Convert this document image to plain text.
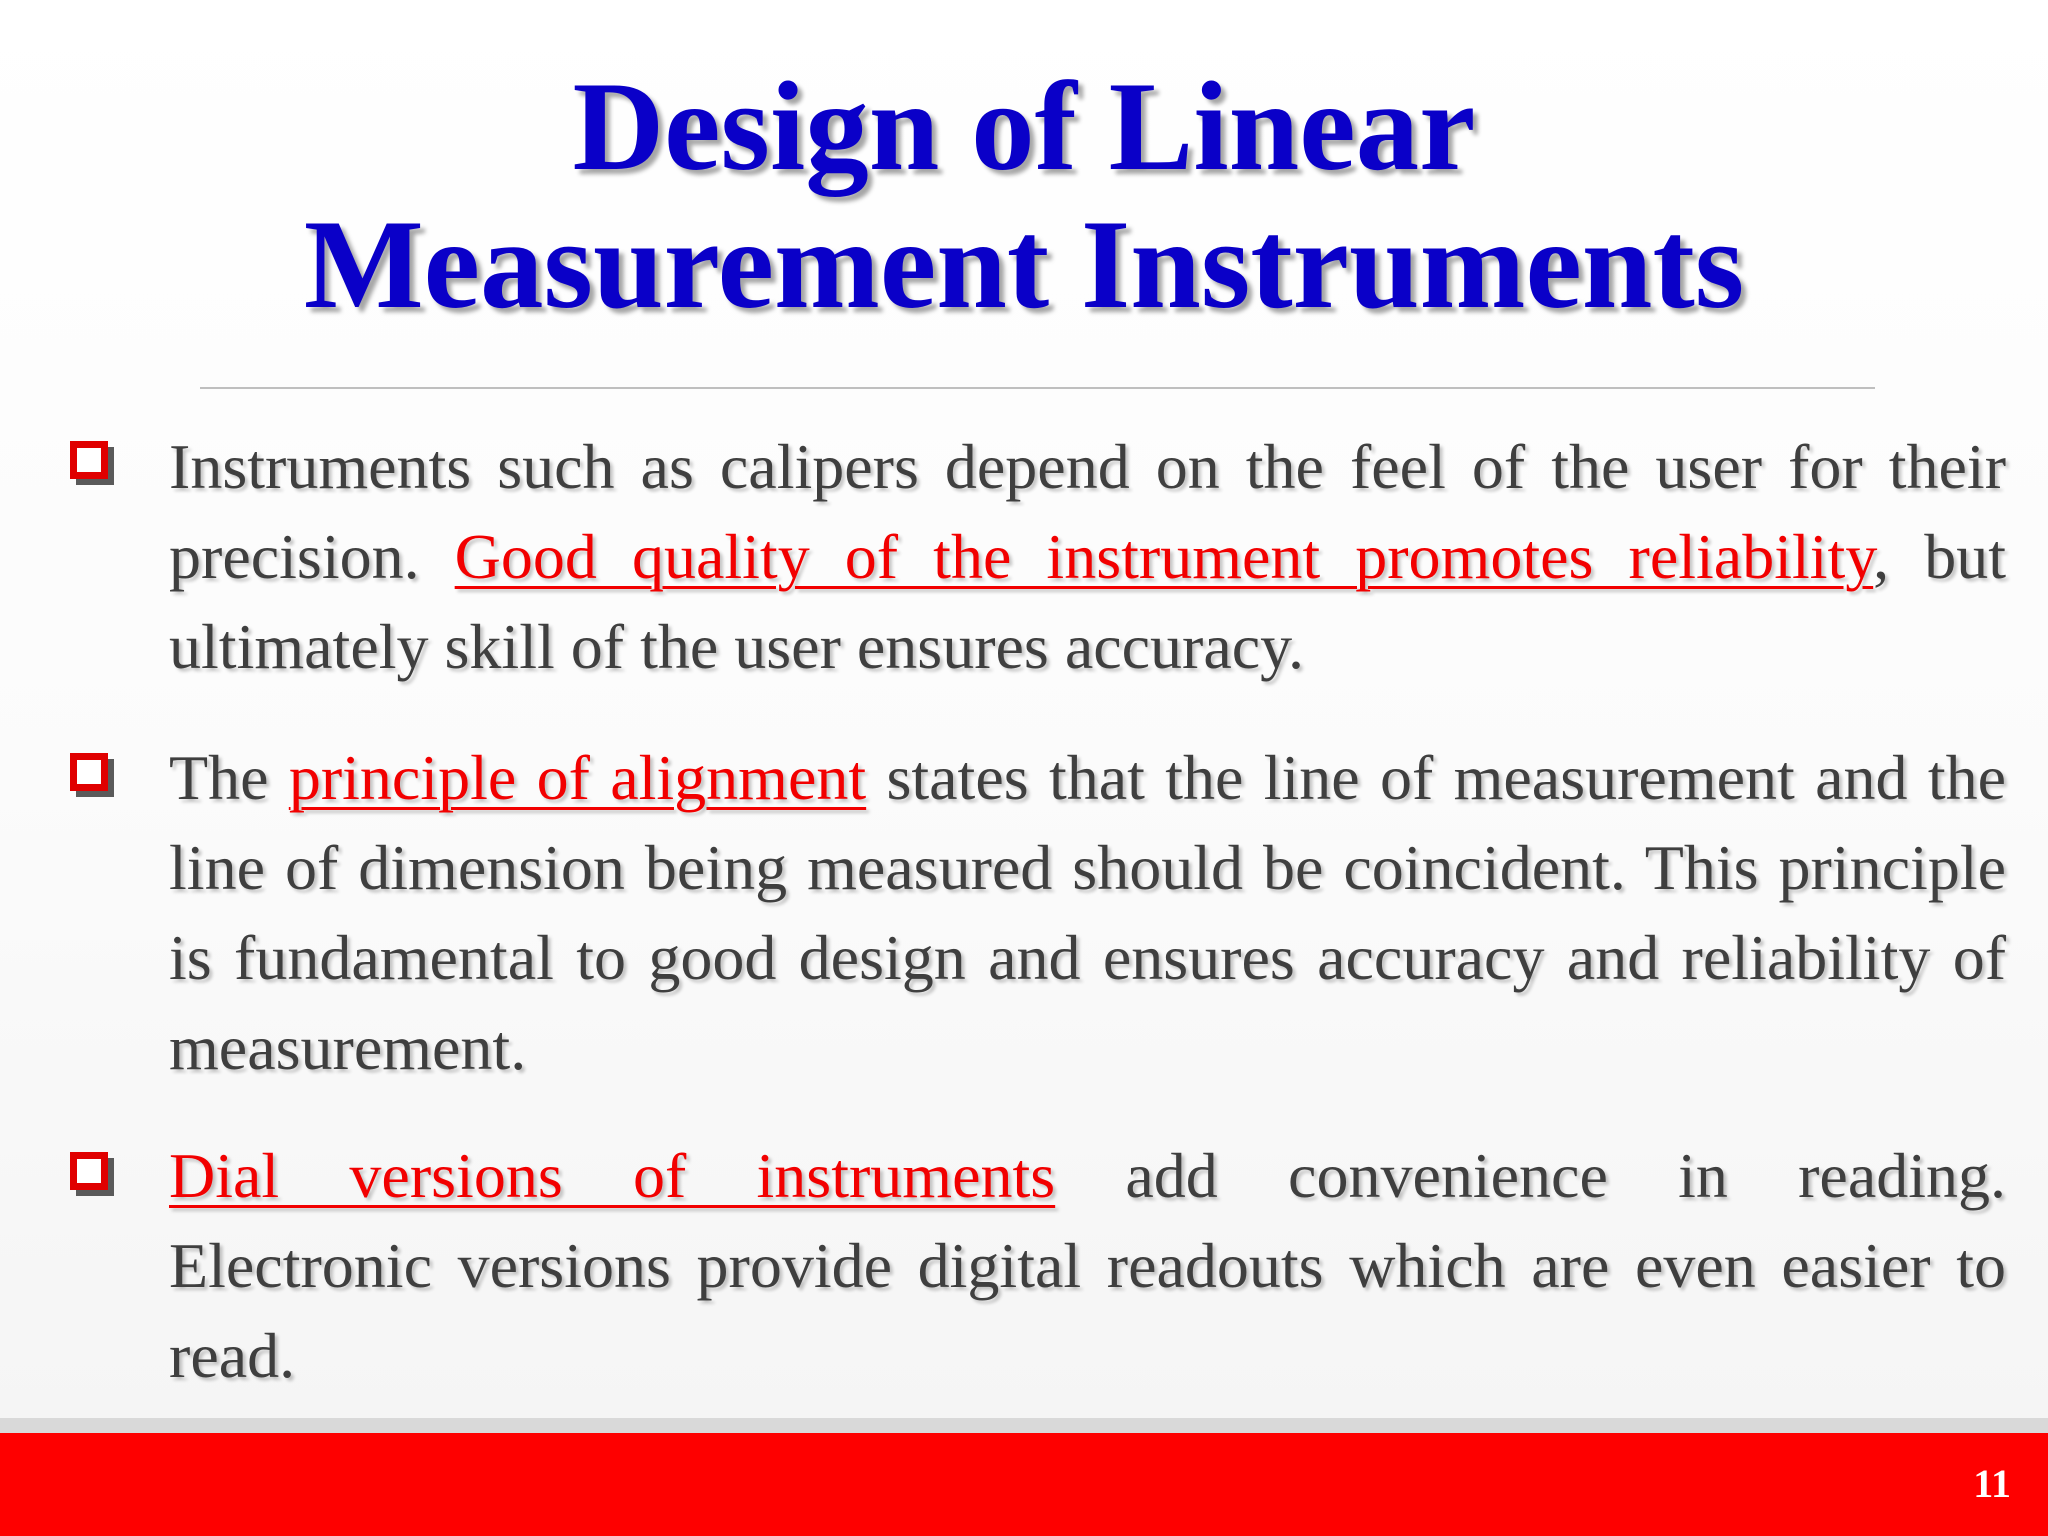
Design of Linear
Measurement Instruments

Instruments such as calipers depend on the feel of the user for their precision. Good quality of the instrument promotes reliability, but ultimately skill of the user ensures accuracy.

The principle of alignment states that the line of measurement and the line of dimension being measured should be coincident. This principle is fundamental to good design and ensures accuracy and reliability of measurement.

Dial versions of instruments add convenience in reading.
Electronic versions provide digital readouts which are even easier to read.
11
